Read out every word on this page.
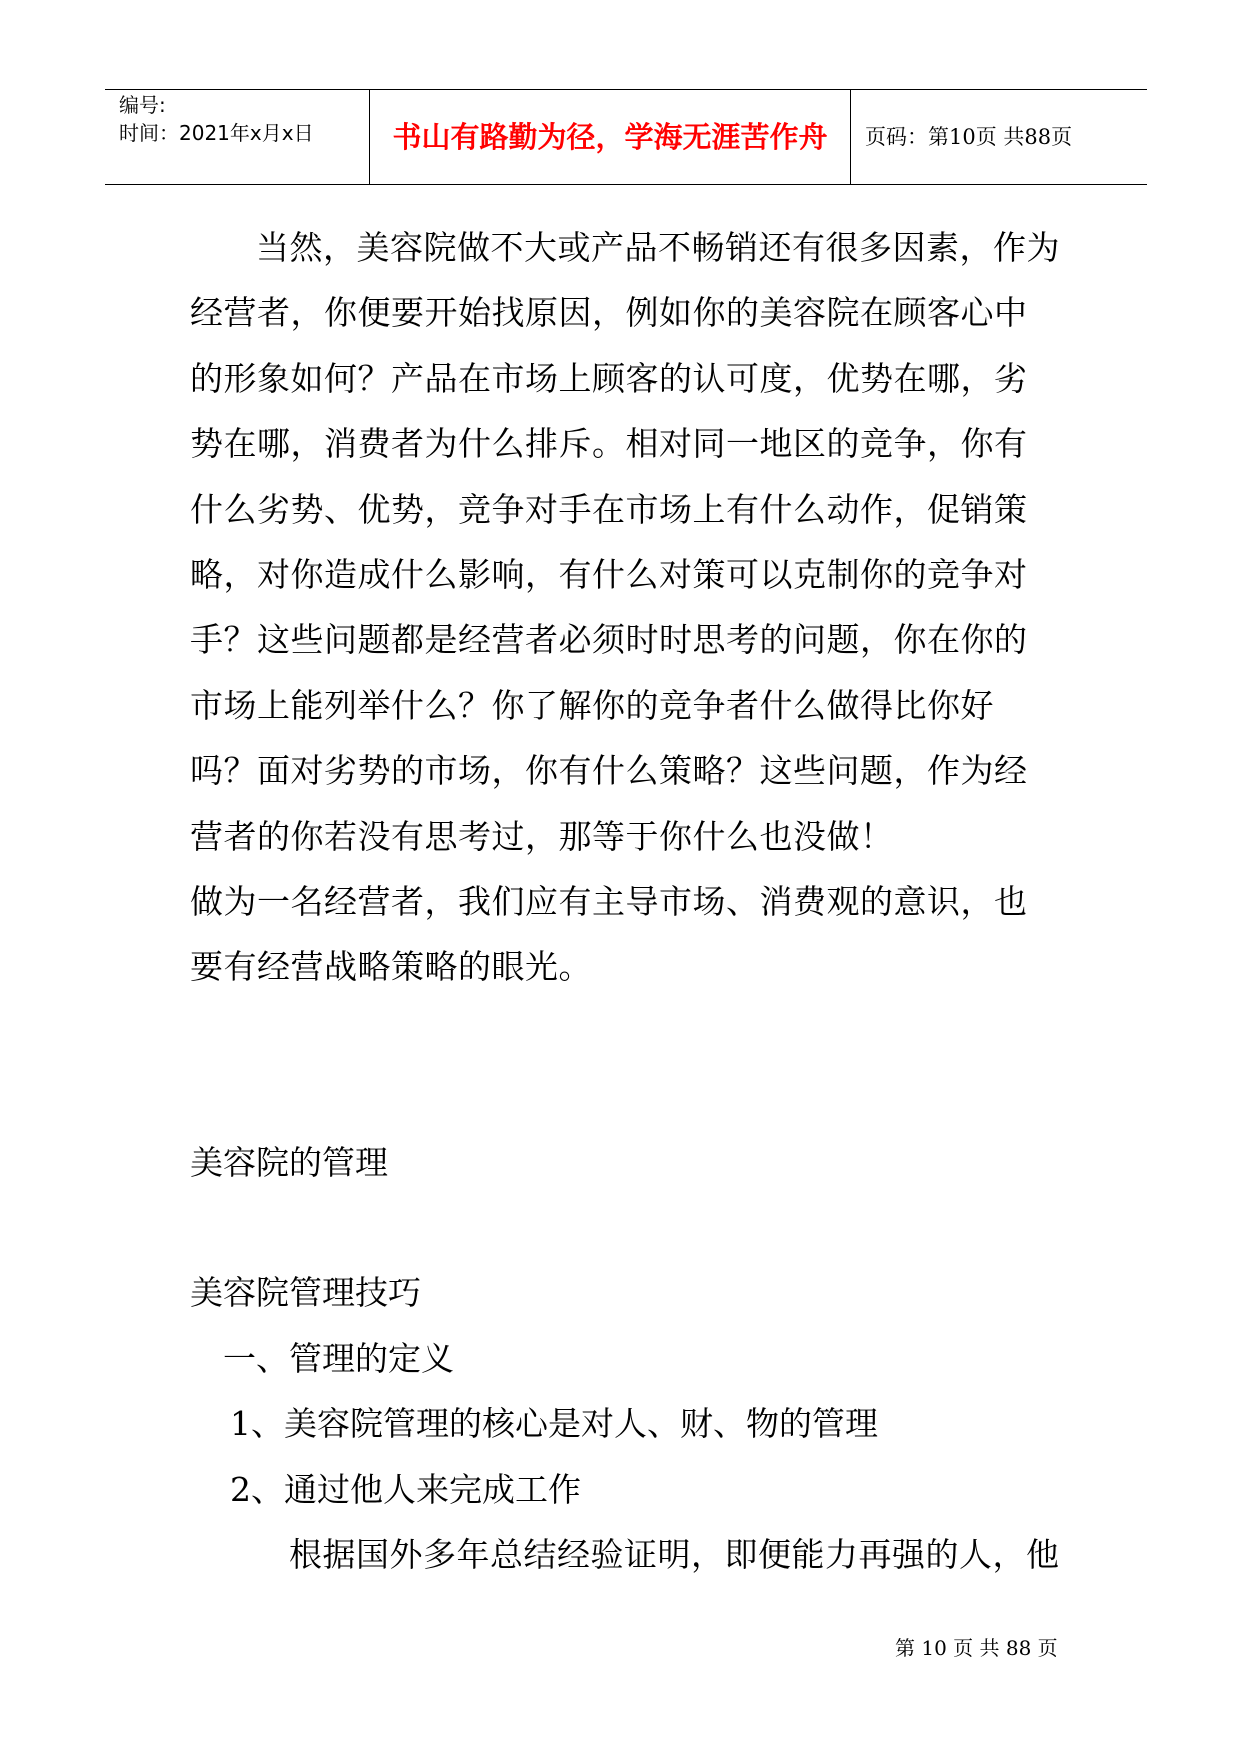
编号:
时间：2021年x月x日	书山有路勤为径，学海无涯苦作舟	页码：第10页 共88页

当然，美容院做不大或产品不畅销还有很多因素，作为经营者，你便要开始找原因，例如你的美容院在顾客心中的形象如何？产品在市场上顾客的认可度，优势在哪，劣势在哪，消费者为什么排斥。相对同一地区的竞争，你有什么劣势、优势，竞争对手在市场上有什么动作，促销策略，对你造成什么影响，有什么对策可以克制你的竞争对手？这些问题都是经营者必须时时思考的问题，你在你的市场上能列举什么？你了解你的竞争者什么做得比你好吗？面对劣势的市场，你有什么策略？这些问题，作为经营者的你若没有思考过，那等于你什么也没做！

做为一名经营者，我们应有主导市场、消费观的意识，也要有经营战略策略的眼光。

美容院的管理

美容院管理技巧

一、管理的定义

1、美容院管理的核心是对人、财、物的管理

2、通过他人来完成工作

根据国外多年总结经验证明，即便能力再强的人，他

第 10 页 共 88 页
